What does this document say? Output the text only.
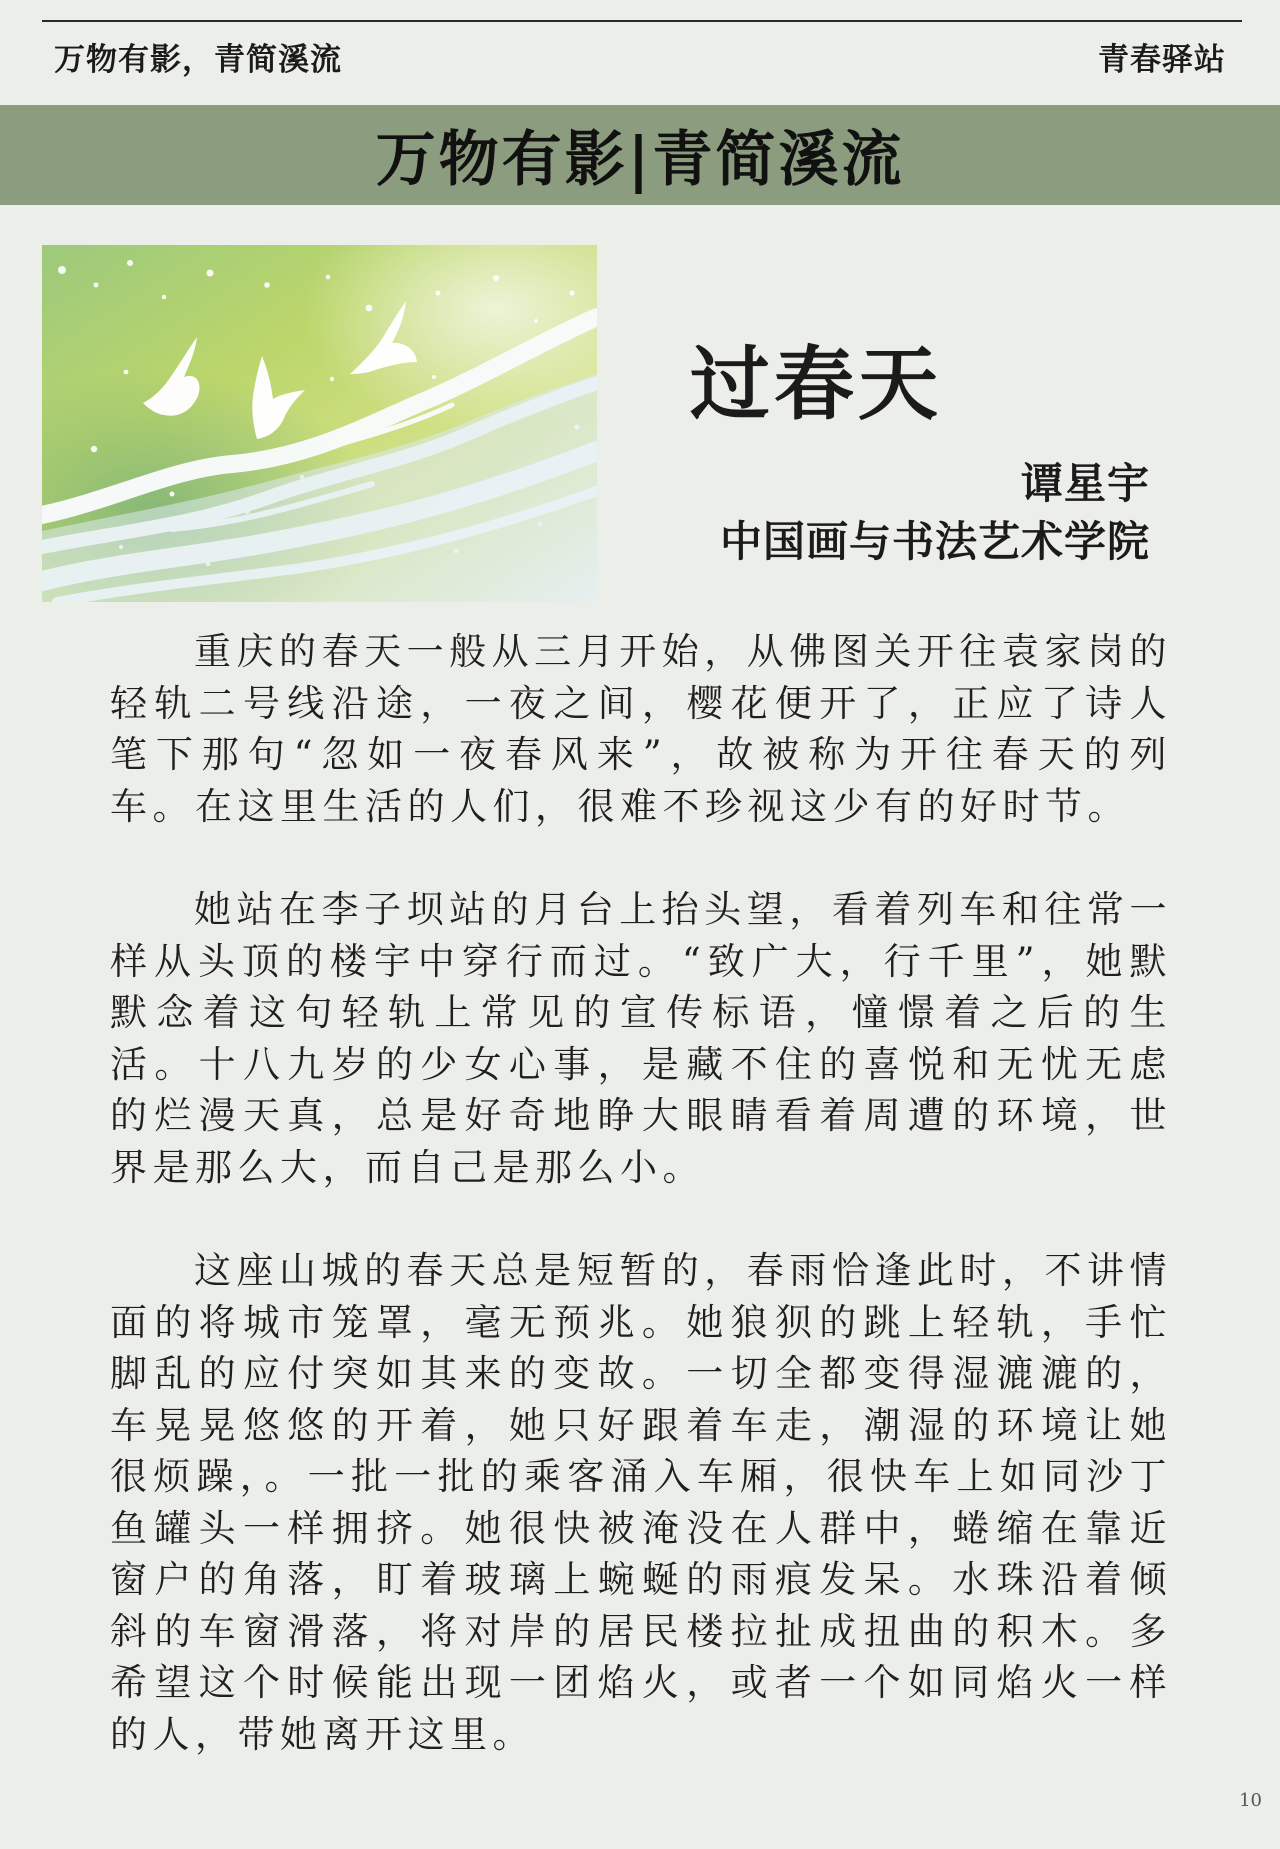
万物有影，青简溪流	青春驿站
万物有影|青简溪流
过春天
谭星宇
中国画与书法艺术学院

重庆的春天一般从三月开始，从佛图关开往袁家岗的轻轨二号线沿途，一夜之间，樱花便开了，正应了诗人笔下那句“忽如一夜春风来”，故被称为开往春天的列车。在这里生活的人们，很难不珍视这少有的好时节。

她站在李子坝站的月台上抬头望，看着列车和往常一样从头顶的楼宇中穿行而过。“致广大，行千里”，她默默念着这句轻轨上常见的宣传标语，憧憬着之后的生活。十八九岁的少女心事，是藏不住的喜悦和无忧无虑的烂漫天真，总是好奇地睁大眼睛看着周遭的环境，世界是那么大，而自己是那么小。

这座山城的春天总是短暂的，春雨恰逢此时，不讲情面的将城市笼罩，毫无预兆。她狼狈的跳上轻轨，手忙脚乱的应付突如其来的变故。一切全都变得湿漉漉的，车晃晃悠悠的开着，她只好跟着车走，潮湿的环境让她很烦躁，。一批一批的乘客涌入车厢，很快车上如同沙丁鱼罐头一样拥挤。她很快被淹没在人群中，蜷缩在靠近窗户的角落，盯着玻璃上蜿蜒的雨痕发呆。水珠沿着倾斜的车窗滑落，将对岸的居民楼拉扯成扭曲的积木。多希望这个时候能出现一团焰火，或者一个如同焰火一样的人，带她离开这里。

10
